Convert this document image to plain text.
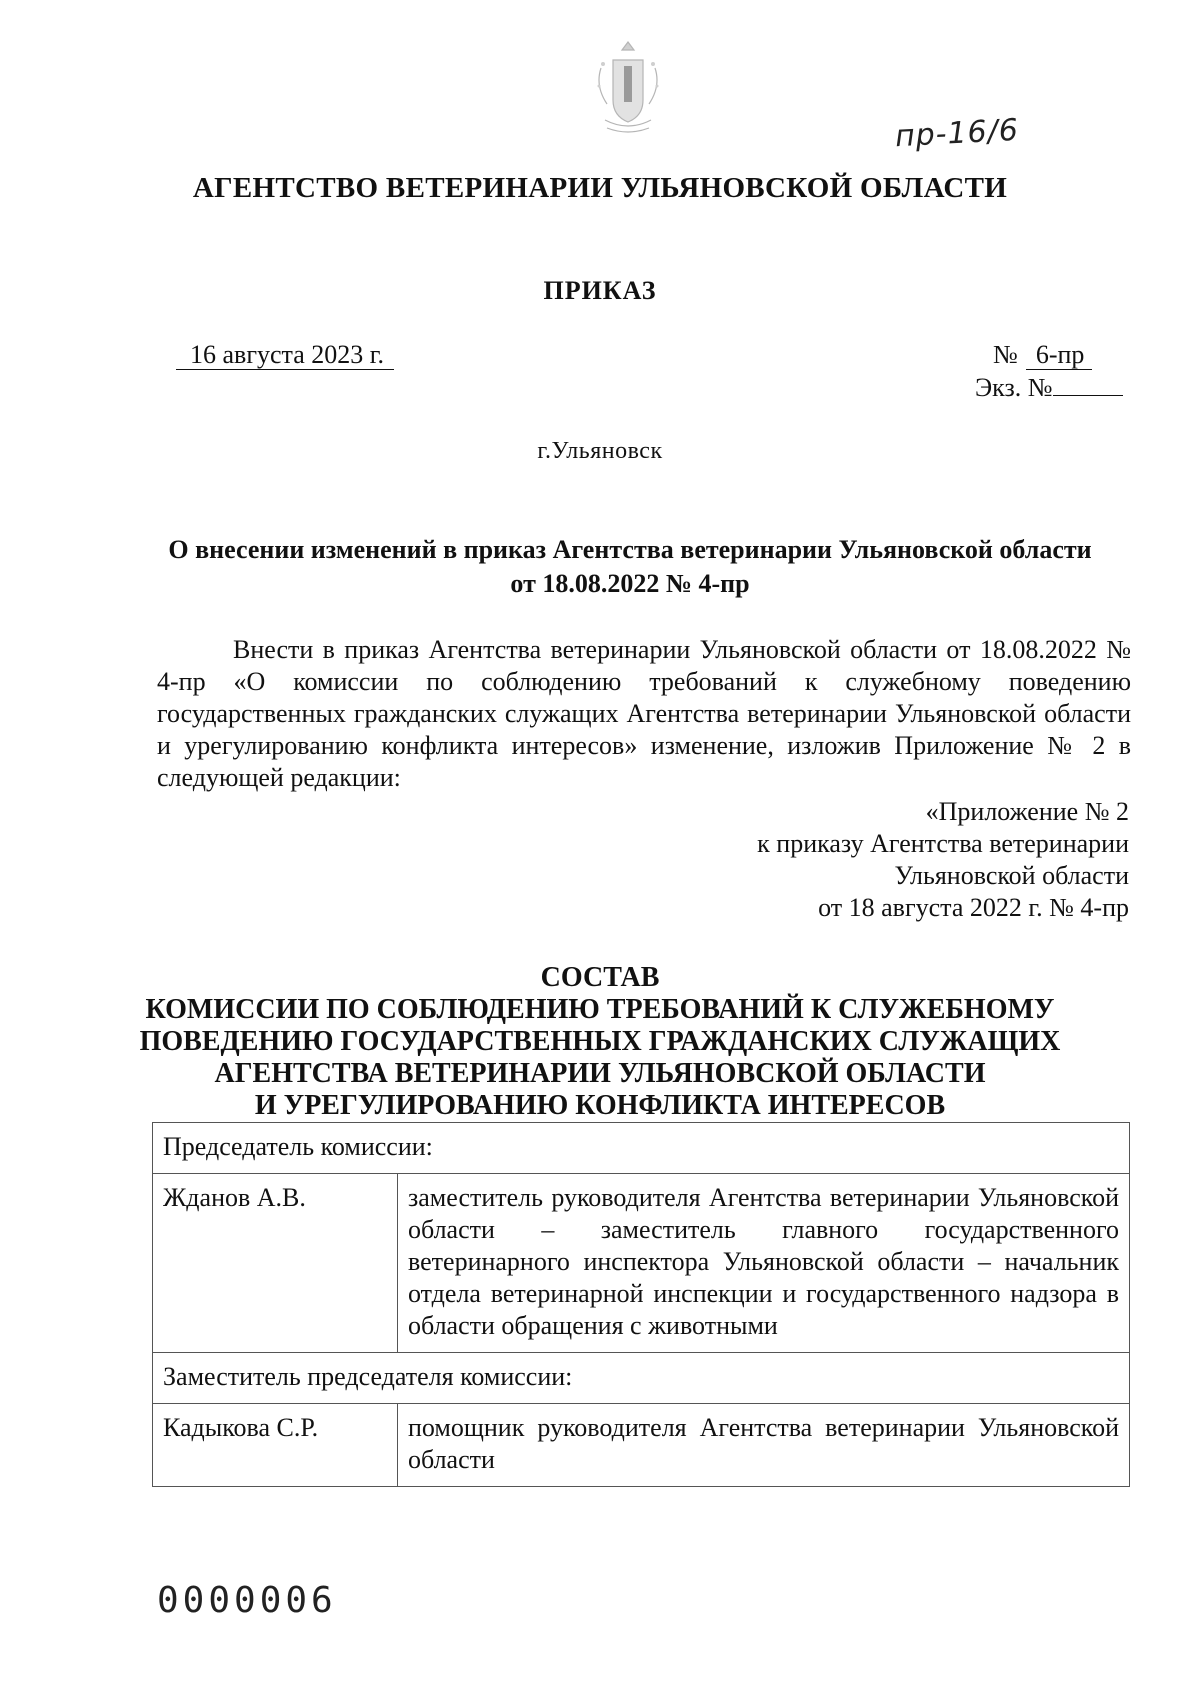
пр-16/6
АГЕНТСТВО ВЕТЕРИНАРИИ УЛЬЯНОВСКОЙ ОБЛАСТИ
ПРИКАЗ
16 августа 2023 г.	№ 6-пр
Экз. №
г.Ульяновск
О внесении изменений в приказ Агентства ветеринарии Ульяновской области от 18.08.2022 № 4-пр
Внести в приказ Агентства ветеринарии Ульяновской области от 18.08.2022 № 4-пр «О комиссии по соблюдению требований к служебному поведению государственных гражданских служащих Агентства ветеринарии Ульяновской области и урегулированию конфликта интересов» изменение, изложив Приложение № 2 в следующей редакции:
«Приложение № 2
к приказу Агентства ветеринарии
Ульяновской области
от 18 августа 2022 г. № 4-пр
СОСТАВ
КОМИССИИ ПО СОБЛЮДЕНИЮ ТРЕБОВАНИЙ К СЛУЖЕБНОМУ
ПОВЕДЕНИЮ ГОСУДАРСТВЕННЫХ ГРАЖДАНСКИХ СЛУЖАЩИХ
АГЕНТСТВА ВЕТЕРИНАРИИ УЛЬЯНОВСКОЙ ОБЛАСТИ
И УРЕГУЛИРОВАНИЮ КОНФЛИКТА ИНТЕРЕСОВ
Председатель комиссии:	
Жданов А.В.	заместитель руководителя Агентства ветеринарии Ульяновской области – заместитель главного государственного ветеринарного инспектора Ульяновской области – начальник отдела ветеринарной инспекции и государственного надзора в области обращения с животными
Заместитель председателя комиссии:	
Кадыкова С.Р.	помощник руководителя Агентства ветеринарии Ульяновской области
0000006
